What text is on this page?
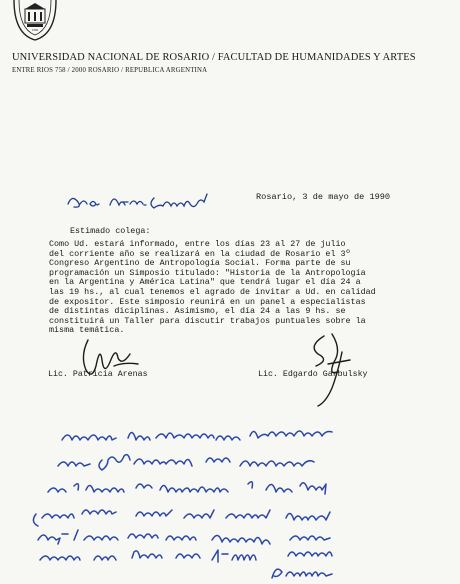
UNR
UNIVERSIDAD NACIONAL DE ROSARIO / FACULTAD DE HUMANIDADES Y ARTES
ENTRE RIOS 758 / 2000 ROSARIO / REPUBLICA ARGENTINA
Dra. Ana Ma. Mariadi
Rosario, 3 de mayo de 1990
Estimado colega:
Como Ud. estará informado, entre los días 23 al 27 de julio
del corriente año se realizará en la ciudad de Rosario el 3º
Congreso Argentino de Antropología Social. Forma parte de su
programación un Simposio titulado: "Historia de la Antropología
en la Argentina y América Latina" que tendrá lugar el día 24 a
las 19 hs., al cual tenemos el agrado de invitar a Ud. en calidad
de expositor. Este simposio reunirá en un panel a especialistas
de distintas diciplinas. Asimismo, el día 24 a las 9 hs. se
constituirá un Taller para discutir trabajos puntuales sobre la
misma temática.
Lic. Patricia Arenas	Lic. Edgardo Garbulsky
